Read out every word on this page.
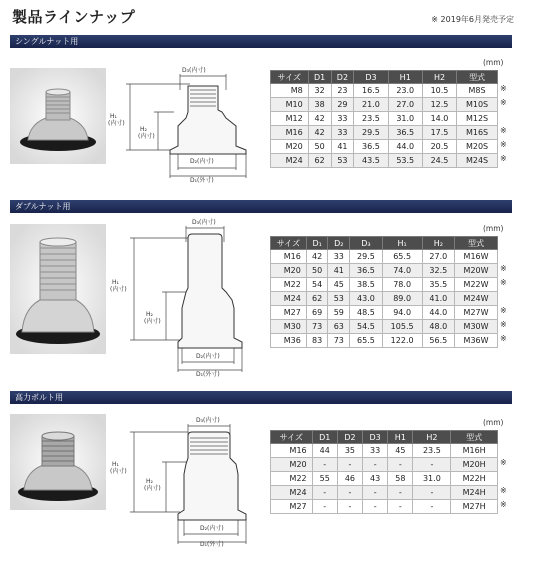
製品ラインナップ	※ 2019年6月発売予定
シングルナット用
D₃(内寸)
H₁
(内寸)
H₂
(内寸)
D₂(内寸)
D₁(外寸)
(mm)
サイズ	D1	D2	D3	H1	H2	型式
M8	32	23	16.5	23.0	10.5	M8S
M10	38	29	21.0	27.0	12.5	M10S
M12	42	33	23.5	31.0	14.0	M12S
M16	42	33	29.5	36.5	17.5	M16S
M20	50	41	36.5	44.0	20.5	M20S
M24	62	53	43.5	53.5	24.5	M24S
ダブルナット用
D₃(内寸)
H₁
(内寸)
H₂
(内寸)
D₂(内寸)
D₁(外寸)
(mm)
サイズ	D₁	D₂	D₃	H₁	H₂	型式
M16	42	33	29.5	65.5	27.0	M16W
M20	50	41	36.5	74.0	32.5	M20W
M22	54	45	38.5	78.0	35.5	M22W
M24	62	53	43.0	89.0	41.0	M24W
M27	69	59	48.5	94.0	44.0	M27W
M30	73	63	54.5	105.5	48.0	M30W
M36	83	73	65.5	122.0	56.5	M36W
高力ボルト用
D₃(内寸)
H₁
(内寸)
H₂
(内寸)
D₂(内寸)
D₁(外寸)
(mm)
サイズ	D1	D2	D3	H1	H2	型式
M16	44	35	33	45	23.5	M16H
M20	-	-	-	-	-	M20H
M22	55	46	43	58	31.0	M22H
M24	-	-	-	-	-	M24H
M27	-	-	-	-	-	M27H
※
※
※
※
※
※
※
※
※
※
※
※
※
